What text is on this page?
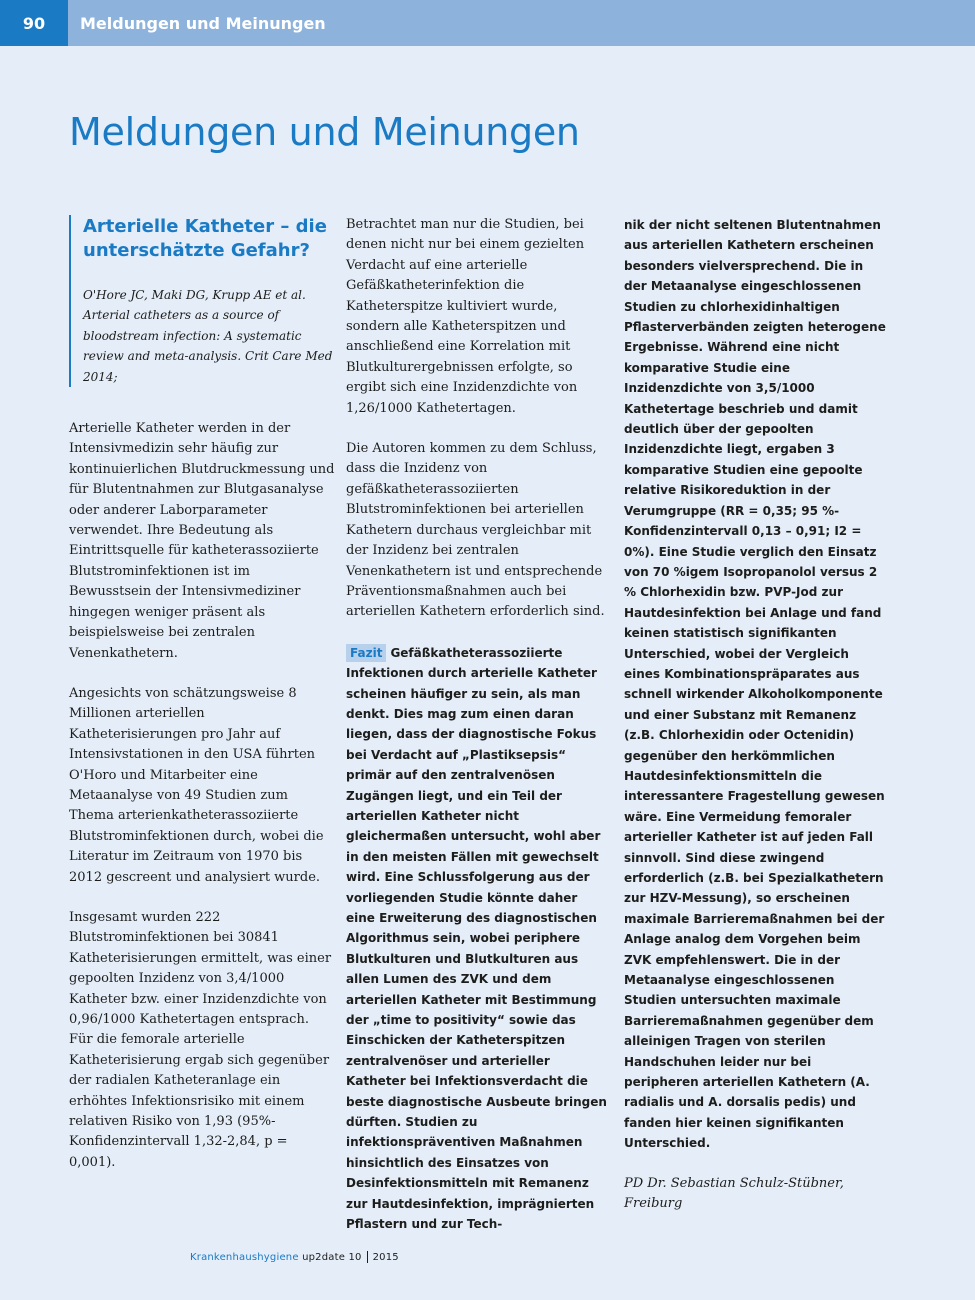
90	Meldungen und Meinungen
Meldungen und Meinungen
Arterielle Katheter – die unterschätzte Gefahr?

O'Hore JC, Maki DG, Krupp AE et al. Arterial catheters as a source of bloodstream infection: A systematic review and meta-analysis. Crit Care Med 2014;

Arterielle Katheter werden in der Intensivmedizin sehr häufig zur kontinuierlichen Blutdruckmessung und für Blutentnahmen zur Blutgasanalyse oder anderer Laborparameter verwendet. Ihre Bedeutung als Eintrittsquelle für katheterassoziierte Blutstrominfektionen ist im Bewusstsein der Intensivmediziner hingegen weniger präsent als beispielsweise bei zentralen Venenkathetern.

Angesichts von schätzungsweise 8 Millionen arteriellen Katheterisierungen pro Jahr auf Intensivstationen in den USA führten O'Horo und Mitarbeiter eine Metaanalyse von 49 Studien zum Thema arterienkatheterassoziierte Blutstrominfektionen durch, wobei die Literatur im Zeitraum von 1970 bis 2012 gescreent und analysiert wurde.

Insgesamt wurden 222 Blutstrominfektionen bei 30841 Katheterisierungen ermittelt, was einer gepoolten Inzidenz von 3,4/1000 Katheter bzw. einer Inzidenzdichte von 0,96/1000 Kathetertagen entsprach. Für die femorale arterielle Katheterisierung ergab sich gegenüber der radialen Katheteranlage ein erhöhtes Infektionsrisiko mit einem relativen Risiko von 1,93 (95%-Konfidenzintervall 1,32-2,84, p = 0,001).

Betrachtet man nur die Studien, bei denen nicht nur bei einem gezielten Verdacht auf eine arterielle Gefäßkatheterinfektion die Katheterspitze kultiviert wurde, sondern alle Katheterspitzen und anschließend eine Korrelation mit Blutkulturergebnissen erfolgte, so ergibt sich eine Inzidenzdichte von 1,26/1000 Kathetertagen.

Die Autoren kommen zu dem Schluss, dass die Inzidenz von gefäßkatheterassoziierten Blutstrominfektionen bei arteriellen Kathetern durchaus vergleichbar mit der Inzidenz bei zentralen Venenkathetern ist und entsprechende Präventionsmaßnahmen auch bei arteriellen Kathetern erforderlich sind.

Fazit Gefäßkatheterassoziierte Infektionen durch arterielle Katheter scheinen häufiger zu sein, als man denkt. Dies mag zum einen daran liegen, dass der diagnostische Fokus bei Verdacht auf „Plastiksepsis“ primär auf den zentralvenösen Zugängen liegt, und ein Teil der arteriellen Katheter nicht gleichermaßen untersucht, wohl aber in den meisten Fällen mit gewechselt wird. Eine Schlussfolgerung aus der vorliegenden Studie könnte daher eine Erweiterung des diagnostischen Algorithmus sein, wobei periphere Blutkulturen und Blutkulturen aus allen Lumen des ZVK und dem arteriellen Katheter mit Bestimmung der „time to positivity“ sowie das Einschicken der Katheterspitzen zentralvenöser und arterieller Katheter bei Infektionsverdacht die beste diagnostische Ausbeute bringen dürften. Studien zu infektionspräventiven Maßnahmen hinsichtlich des Einsatzes von Desinfektionsmitteln mit Remanenz zur Hautdesinfektion, imprägnierten Pflastern und zur Tech-

nik der nicht seltenen Blutentnahmen aus arteriellen Kathetern erscheinen besonders vielversprechend. Die in der Metaanalyse eingeschlossenen Studien zu chlorhexidinhaltigen Pflasterverbänden zeigten heterogene Ergebnisse. Während eine nicht komparative Studie eine Inzidenzdichte von 3,5/1000 Kathetertage beschrieb und damit deutlich über der gepoolten Inzidenzdichte liegt, ergaben 3 komparative Studien eine gepoolte relative Risikoreduktion in der Verumgruppe (RR = 0,35; 95 %-Konfidenzintervall 0,13 – 0,91; I2 = 0%). Eine Studie verglich den Einsatz von 70 %igem Isopropanolol versus 2 % Chlorhexidin bzw. PVP-Jod zur Hautdesinfektion bei Anlage und fand keinen statistisch signifikanten Unterschied, wobei der Vergleich eines Kombinationspräparates aus schnell wirkender Alkoholkomponente und einer Substanz mit Remanenz (z.B. Chlorhexidin oder Octenidin) gegenüber den herkömmlichen Hautdesinfektionsmitteln die interessantere Fragestellung gewesen wäre. Eine Vermeidung femoraler arterieller Katheter ist auf jeden Fall sinnvoll. Sind diese zwingend erforderlich (z.B. bei Spezialkathetern zur HZV-Messung), so erscheinen maximale Barrieremaßnahmen bei der Anlage analog dem Vorgehen beim ZVK empfehlenswert. Die in der Metaanalyse eingeschlossenen Studien untersuchten maximale Barrieremaßnahmen gegenüber dem alleinigen Tragen von sterilen Handschuhen leider nur bei peripheren arteriellen Kathetern (A. radialis und A. dorsalis pedis) und fanden hier keinen signifikanten Unterschied.

PD Dr. Sebastian Schulz-Stübner, Freiburg

Krankenhaushygiene up2date 10 2015
